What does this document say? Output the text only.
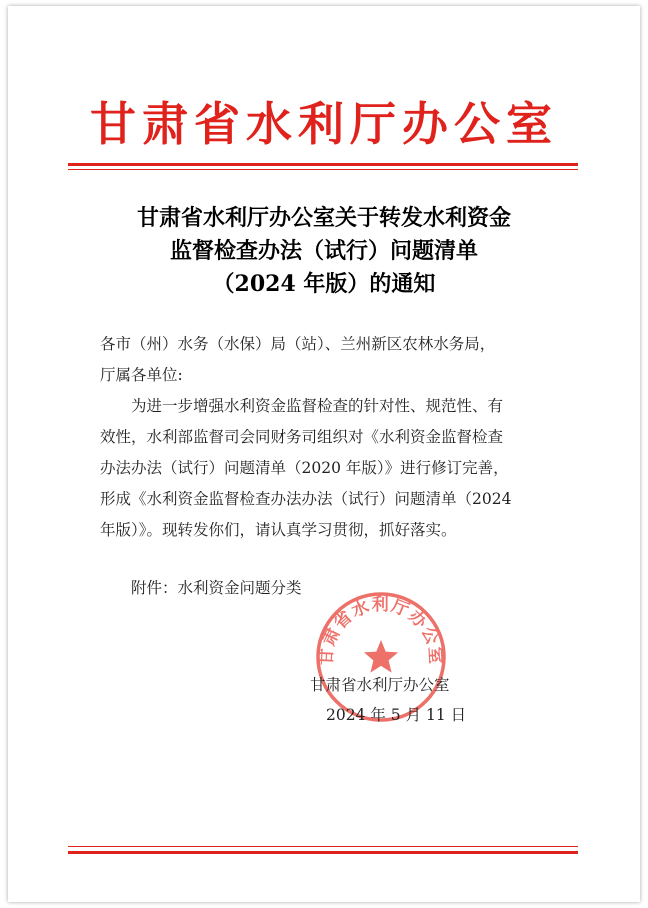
甘肃省水利厅办公室
甘肃省水利厅办公室关于转发水利资金
监督检查办法（试行）问题清单
（2024 年版）的通知
各市（州）水务（水保）局（站）、兰州新区农林水务局，
厅属各单位:
为进一步增强水利资金监督检查的针对性、规范性、有
效性，水利部监督司会同财务司组织对《水利资金监督检查
办法办法（试行）问题清单（2020 年版）》进行修订完善，
形成《水利资金监督检查办法办法（试行）问题清单（2024
年版）》。现转发你们，请认真学习贯彻，抓好落实。
附件：水利资金问题分类
甘肃省水利厅办公室
甘肃省水利厅办公室
2024 年 5 月 11 日
